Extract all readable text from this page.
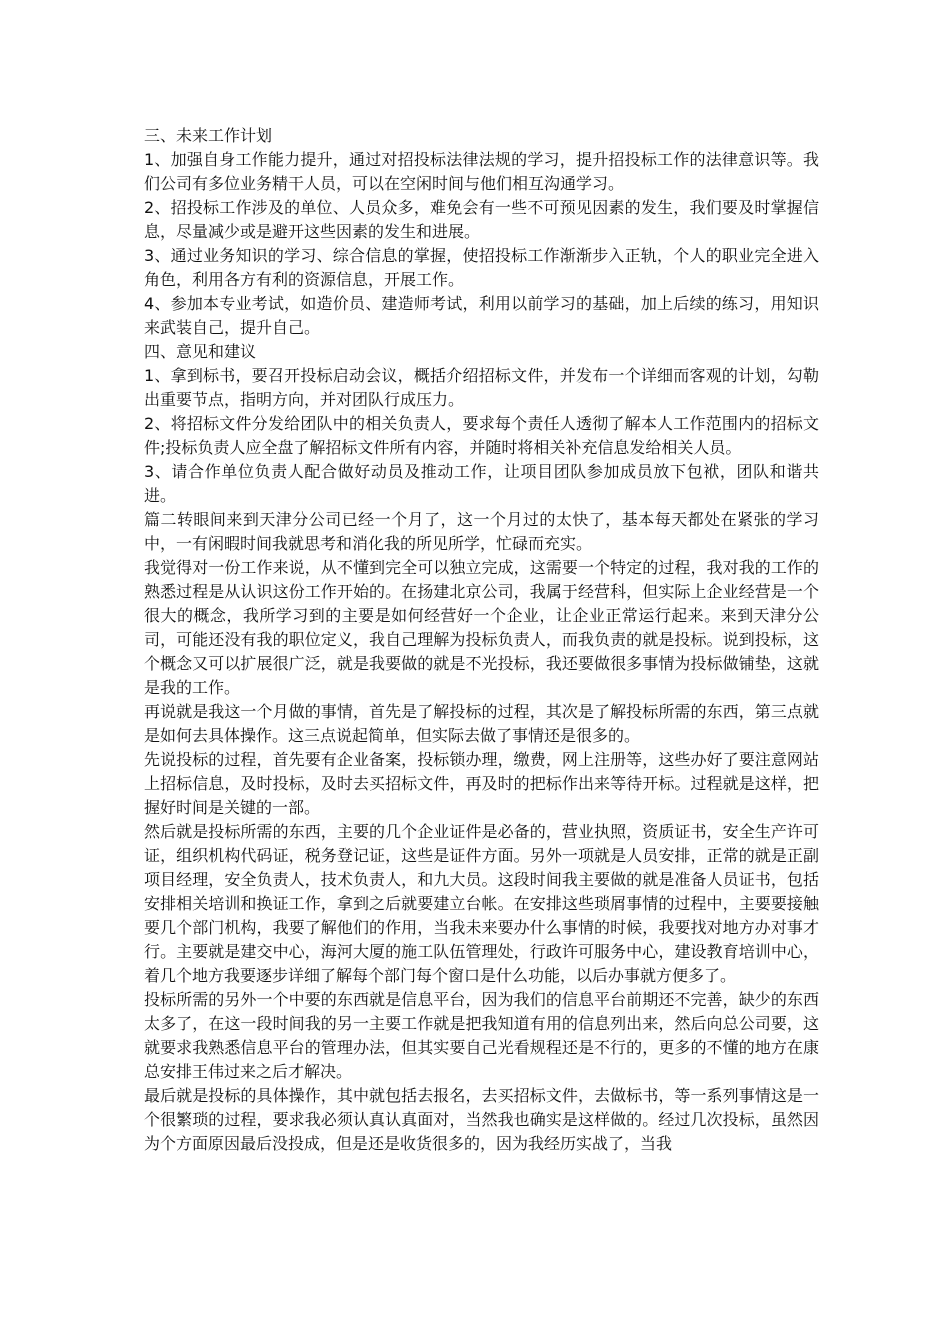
三、未来工作计划

1、加强自身工作能力提升，通过对招投标法律法规的学习，提升招投标工作的法律意识等。我们公司有多位业务精干人员，可以在空闲时间与他们相互沟通学习。

2、招投标工作涉及的单位、人员众多，难免会有一些不可预见因素的发生，我们要及时掌握信息，尽量减少或是避开这些因素的发生和进展。

3、通过业务知识的学习、综合信息的掌握，使招投标工作渐渐步入正轨，个人的职业完全进入角色，利用各方有利的资源信息，开展工作。

4、参加本专业考试，如造价员、建造师考试，利用以前学习的基础，加上后续的练习，用知识来武装自己，提升自己。

四、意见和建议

1、拿到标书，要召开投标启动会议，概括介绍招标文件，并发布一个详细而客观的计划，勾勒出重要节点，指明方向，并对团队行成压力。

2、将招标文件分发给团队中的相关负责人，要求每个责任人透彻了解本人工作范围内的招标文件;投标负责人应全盘了解招标文件所有内容，并随时将相关补充信息发给相关人员。

3、请合作单位负责人配合做好动员及推动工作，让项目团队参加成员放下包袱，团队和谐共进。

篇二转眼间来到天津分公司已经一个月了，这一个月过的太快了，基本每天都处在紧张的学习中，一有闲暇时间我就思考和消化我的所见所学，忙碌而充实。

我觉得对一份工作来说，从不懂到完全可以独立完成，这需要一个特定的过程，我对我的工作的熟悉过程是从认识这份工作开始的。在扬建北京公司，我属于经营科，但实际上企业经营是一个很大的概念，我所学习到的主要是如何经营好一个企业，让企业正常运行起来。来到天津分公司，可能还没有我的职位定义，我自己理解为投标负责人，而我负责的就是投标。说到投标，这个概念又可以扩展很广泛，就是我要做的就是不光投标，我还要做很多事情为投标做铺垫，这就是我的工作。

再说就是我这一个月做的事情，首先是了解投标的过程，其次是了解投标所需的东西，第三点就是如何去具体操作。这三点说起简单，但实际去做了事情还是很多的。

先说投标的过程，首先要有企业备案，投标锁办理，缴费，网上注册等，这些办好了要注意网站上招标信息，及时投标，及时去买招标文件，再及时的把标作出来等待开标。过程就是这样，把握好时间是关键的一部。

然后就是投标所需的东西，主要的几个企业证件是必备的，营业执照，资质证书，安全生产许可证，组织机构代码证，税务登记证，这些是证件方面。另外一项就是人员安排，正常的就是正副项目经理，安全负责人，技术负责人，和九大员。这段时间我主要做的就是准备人员证书，包括安排相关培训和换证工作，拿到之后就要建立台帐。在安排这些琐屑事情的过程中，主要要接触要几个部门机构，我要了解他们的作用，当我未来要办什么事情的时候，我要找对地方办对事才行。主要就是建交中心，海河大厦的施工队伍管理处，行政许可服务中心，建设教育培训中心，着几个地方我要逐步详细了解每个部门每个窗口是什么功能，以后办事就方便多了。

投标所需的另外一个中要的东西就是信息平台，因为我们的信息平台前期还不完善，缺少的东西太多了，在这一段时间我的另一主要工作就是把我知道有用的信息列出来，然后向总公司要，这就要求我熟悉信息平台的管理办法，但其实要自己光看规程还是不行的，更多的不懂的地方在康总安排王伟过来之后才解决。

最后就是投标的具体操作，其中就包括去报名，去买招标文件，去做标书，等一系列事情这是一个很繁琐的过程，要求我必须认真认真面对，当然我也确实是这样做的。经过几次投标，虽然因为个方面原因最后没投成，但是还是收货很多的，因为我经历实战了，当我
